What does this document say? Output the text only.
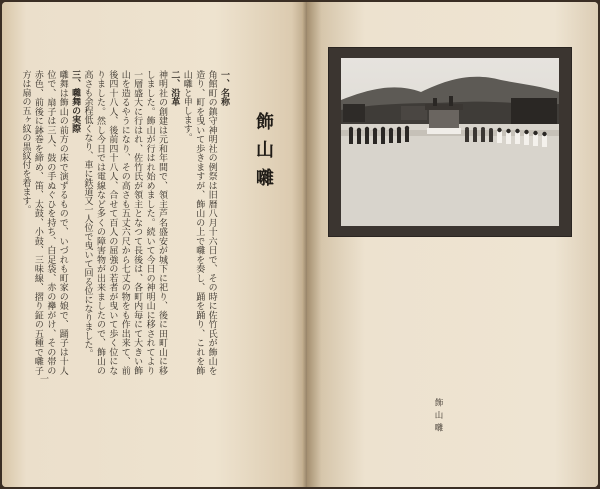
飾山囃
一、名称
角館町の鎮守神明社の例祭は旧暦八月十六日で、その時に佐竹氏が飾山を造り、町を曳いて歩きますが、飾山の上で囃を奏し、踊を踊り、これを飾山囃と申します。
二、沿革
神明社の創建は元和年間で、領主芦名盛安が城下に祀り、後に田町山に移しました。飾山が行はれ始めました。続いて今日の神明山に移されてより一層盛大に行はれ、佐竹氏が領主となつて長後は、各町内毎にて大きい飾山を造るやうになり、その高さも五丈六尺から七丈の物をも作出来て、前後四十八人、後前四十八人、合せて百人の屈強の若者が曳いて歩く位になりました。然し今日では電線など多くの障害物が出来ましたので、飾山の高さも余程低くなり、車に鉄道又一人位で曳いて回る位になりました。
三、囃舞の実際
囃舞は飾山の前方の床で演ずるもので、いづれも町家の娘で、踊子は十人位で、扇子は三人、鼓の手ぬぐひを持ち、白足袋、赤の襷がけ、その帯の赤色、前後に鉢巻を締め、笛、太鼓、小鼓、三味線、摺り鉦の五種で囃子方は扇の五ヶ紋の黒紋付を着ます。
一
飾山囃
